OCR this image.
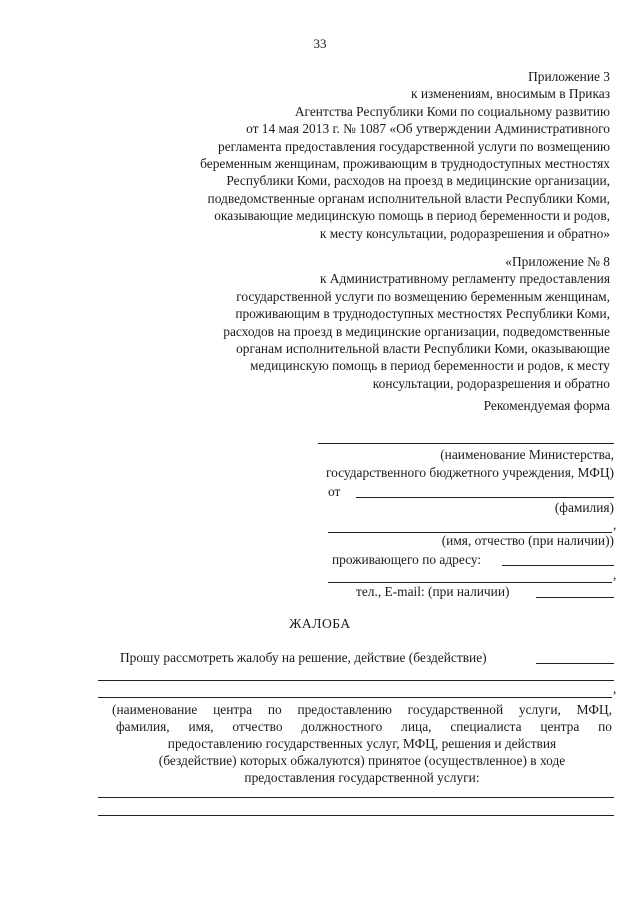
33
Приложение 3
к изменениям, вносимым в Приказ
Агентства Республики Коми по социальному развитию
от 14 мая 2013 г. № 1087 «Об утверждении Административного
регламента предоставления государственной услуги по возмещению
беременным женщинам, проживающим в труднодоступных местностях
Республики Коми, расходов на проезд в медицинские организации,
подведомственные органам исполнительной власти Республики Коми,
оказывающие медицинскую помощь в период беременности и родов,
к месту консультации, родоразрешения и обратно»
«Приложение № 8
к Административному регламенту предоставления
государственной услуги по возмещению беременным женщинам,
проживающим в труднодоступных местностях Республики Коми,
расходов на проезд в медицинские организации, подведомственные
органам исполнительной власти Республики Коми, оказывающие
медицинскую помощь в период беременности и родов, к месту
консультации, родоразрешения и обратно
Рекомендуемая форма
(наименование Министерства,
государственного бюджетного учреждения, МФЦ)
от
(фамилия)
,
(имя, отчество (при наличии))
проживающего по адресу:
,
тел., E-mail: (при наличии)
ЖАЛОБА
Прошу рассмотреть жалобу на решение, действие (бездействие)
,
(наименование центра по предоставлению государственной услуги, МФЦ,
фамилия, имя, отчество должностного лица, специалиста центра по
предоставлению государственных услуг, МФЦ, решения и действия
(бездействие) которых обжалуются) принятое (осуществленное) в ходе
предоставления государственной услуги:
